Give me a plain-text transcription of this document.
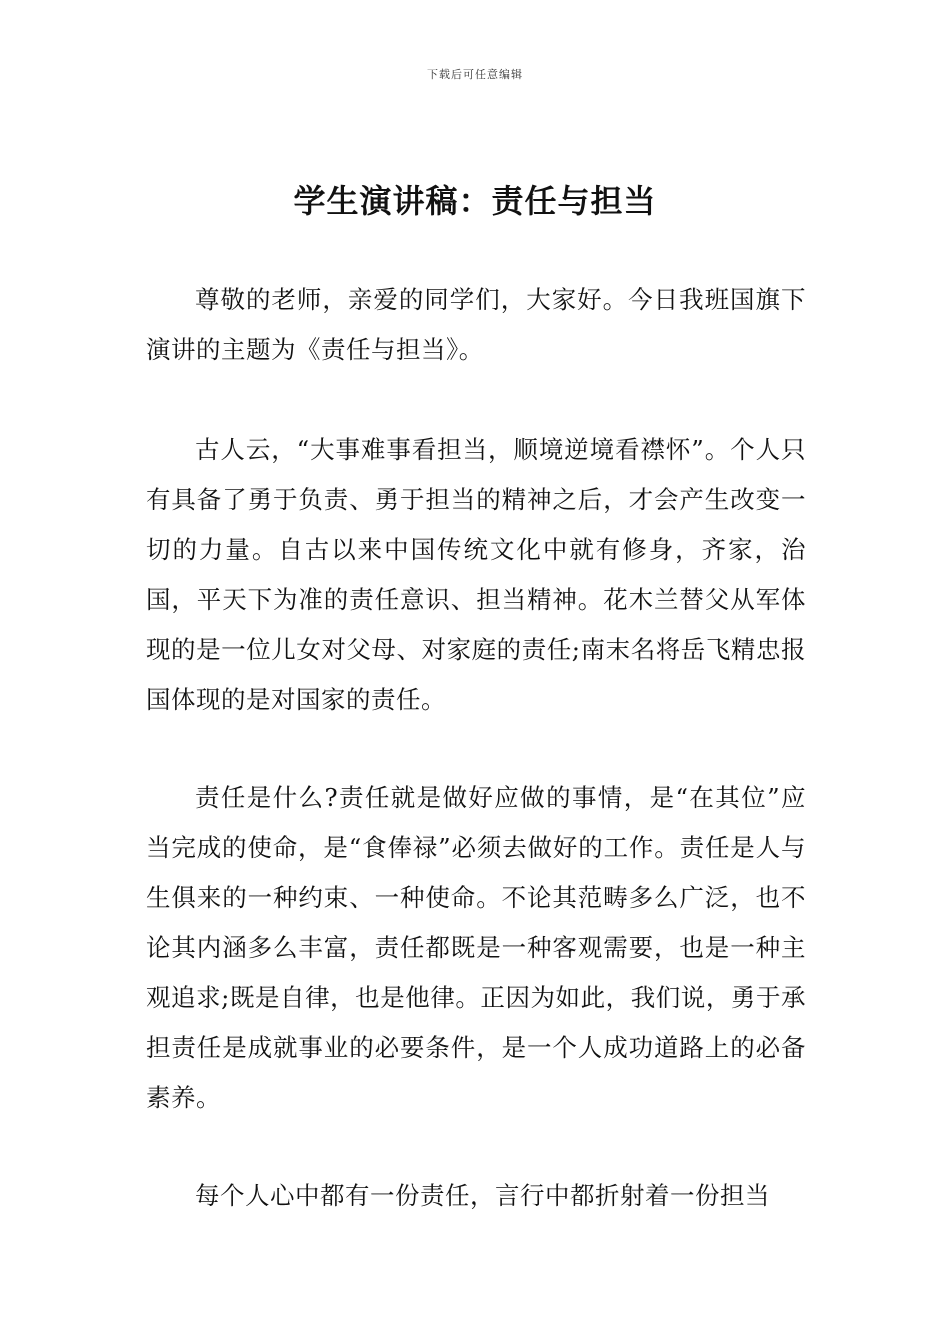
下载后可任意编辑
学生演讲稿：责任与担当

尊敬的老师，亲爱的同学们，大家好。今日我班国旗下演讲的主题为《责任与担当》。

古人云，“大事难事看担当，顺境逆境看襟怀”。个人只有具备了勇于负责、勇于担当的精神之后，才会产生改变一切的力量。自古以来中国传统文化中就有修身，齐家，治国，平天下为准的责任意识、担当精神。花木兰替父从军体现的是一位儿女对父母、对家庭的责任;南末名将岳飞精忠报国体现的是对国家的责任。

责任是什么?责任就是做好应做的事情，是“在其位”应当完成的使命，是“食俸禄”必须去做好的工作。责任是人与生俱来的一种约束、一种使命。不论其范畴多么广泛，也不论其内涵多么丰富，责任都既是一种客观需要，也是一种主观追求;既是自律，也是他律。正因为如此，我们说，勇于承担责任是成就事业的必要条件，是一个人成功道路上的必备素养。

每个人心中都有一份责任，言行中都折射着一份担当
